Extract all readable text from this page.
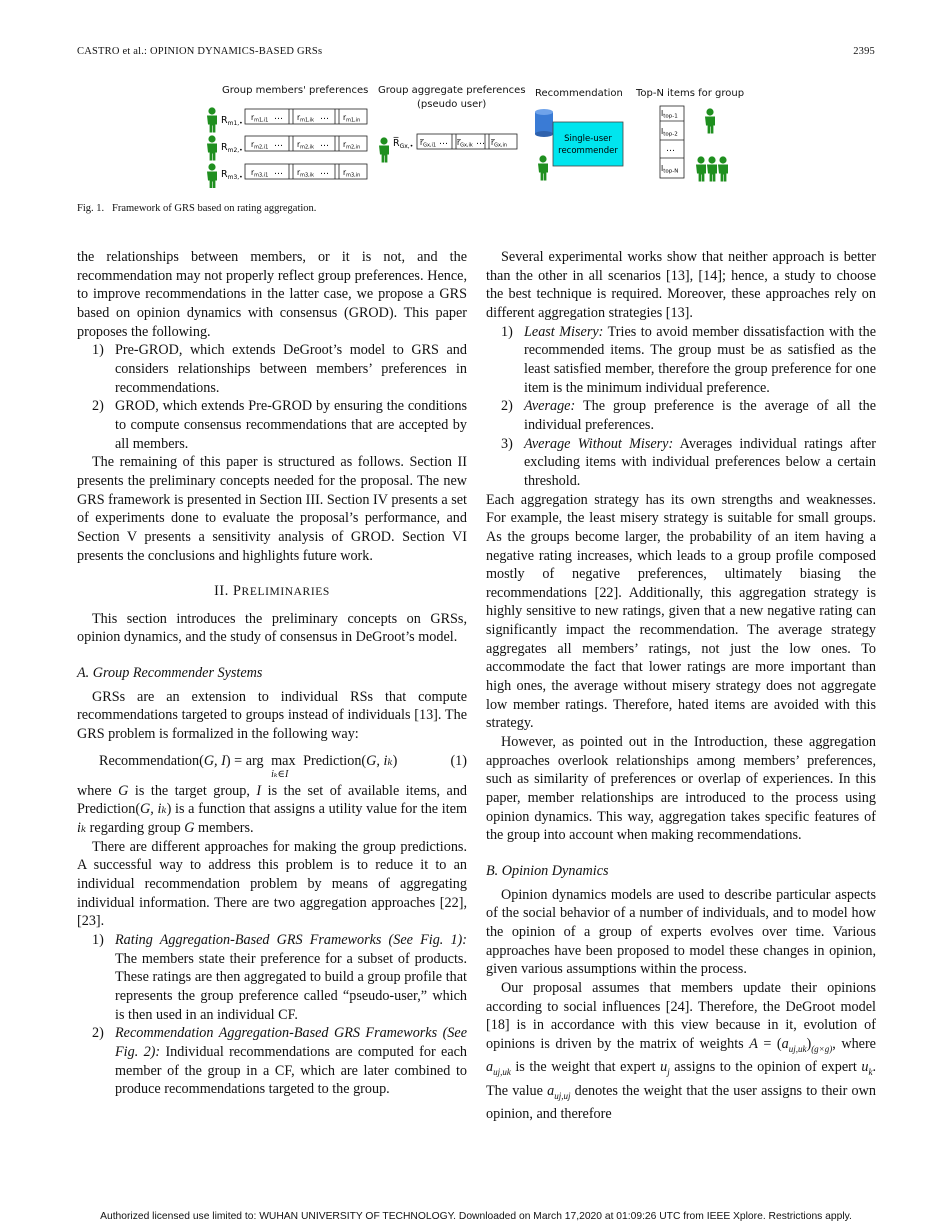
CASTRO et al.: OPINION DYNAMICS-BASED GRSs	2395
Group members' preferences Group aggregate preferences
(pseudo user)
Recommendation Top-N items for group
$R_{m1,•}$
$r_{m1,i1}$	$r_{m1,ik}$	$r_{m1,in}$
…	…
$R_{m2,•}$
$r_{m2,i1}$	$r_{m2,ik}$	$r_{m2,in}$
…	…
$R_{m3,•}$
$r_{m3,i1}$	$r_{m3,ik}$	$r_{m3,in}$
…	…
$R̅_{Gx,•}$ $r̅_{Gx,i1}$	$r̅_{Gx,ik}$ $r̅_{Gx,in}$
…	…	Single-user
recommender
$I_{top-1}$
$I_{top-2}$
…
$I_{top-N}$
Fig. 1. Framework of GRS based on rating aggregation.

the relationships between members, or it is not, and the recommendation may not properly reflect group preferences. Hence, to improve recommendations in the latter case, we propose a GRS based on opinion dynamics with consensus (GROD). This paper proposes the following.

1) Pre-GROD, which extends DeGroot’s model to GRS and considers relationships between members’ preferences in recommendations.
2) GROD, which extends Pre-GROD by ensuring the conditions to compute consensus recommendations that are accepted by all members.

The remaining of this paper is structured as follows. Section II presents the preliminary concepts needed for the proposal. The new GRS framework is presented in Section III. Section IV presents a set of experiments done to evaluate the proposal’s performance, and Section V presents a sensitivity analysis of GROD. Section VI presents the conclusions and highlights future work.

II. PRELIMINARIES

This section introduces the preliminary concepts on GRSs, opinion dynamics, and the study of consensus in DeGroot’s model.

A. Group Recommender Systems

GRSs are an extension to individual RSs that compute recommendations targeted to groups instead of individuals [13]. The GRS problem is formalized in the following way:

Recommendation(G, I) = arg max
iₖ∈I
Prediction(G, iₖ)	(1)

where G is the target group, I is the set of available items, and Prediction(G, iₖ) is a function that assigns a utility value for the item iₖ regarding group G members.

There are different approaches for making the group predictions. A successful way to address this problem is to reduce it to an individual recommendation problem by means of aggregating individual information. There are two aggregation approaches [22], [23].

1) Rating Aggregation-Based GRS Frameworks (See Fig. 1): The members state their preference for a subset of products. These ratings are then aggregated to build a group profile that represents the group preference called “pseudo-user,” which is then used in an individual CF.
2) Recommendation Aggregation-Based GRS Frameworks (See Fig. 2): Individual recommendations are computed for each member of the group in a CF, which are later combined to produce recommendations targeted to the group.

Several experimental works show that neither approach is better than the other in all scenarios [13], [14]; hence, a study to choose the best technique is required. Moreover, these approaches rely on different aggregation strategies [13].

1) Least Misery: Tries to avoid member dissatisfaction with the recommended items. The group must be as satisfied as the least satisfied member, therefore the group preference for one item is the minimum individual preference.
2) Average: The group preference is the average of all the individual preferences.
3) Average Without Misery: Averages individual ratings after excluding items with individual preferences below a certain threshold.

Each aggregation strategy has its own strengths and weaknesses. For example, the least misery strategy is suitable for small groups. As the groups become larger, the probability of an item having a negative rating increases, which leads to a group profile composed mostly of negative preferences, ultimately biasing the recommendations [22]. Additionally, this aggregation strategy is highly sensitive to new ratings, given that a new negative rating can significantly impact the recommendation. The average strategy aggregates all members’ ratings, not just the low ones. To accommodate the fact that lower ratings are more important than high ones, the average without misery strategy does not aggregate low member ratings. Therefore, hated items are avoided with this strategy.

However, as pointed out in the Introduction, these aggregation approaches overlook relationships among members’ preferences, such as similarity of preferences or overlap of experiences. In this paper, member relationships are introduced to the process using opinion dynamics. This way, aggregation takes specific features of the group into account when making recommendations.

B. Opinion Dynamics

Opinion dynamics models are used to describe particular aspects of the social behavior of a number of individuals, and to model how the opinion of a group of experts evolves over time. Various approaches have been proposed to model these changes in opinion, given various assumptions within the process.

Our proposal assumes that members update their opinions according to social influences [24]. Therefore, the DeGroot model [18] is in accordance with this view because in it, evolution of opinions is driven by the matrix of weights $A = (a_{uj,uk})_{(g\times g)}$, where $a_{uj,uk}$ is the weight that expert $u_j$ assigns to the opinion of expert $u_k$. The value $a_{uj,uj}$ denotes the weight that the user assigns to their own opinion, and therefore

Authorized licensed use limited to: WUHAN UNIVERSITY OF TECHNOLOGY. Downloaded on March 17,2020 at 01:09:26 UTC from IEEE Xplore. Restrictions apply.
